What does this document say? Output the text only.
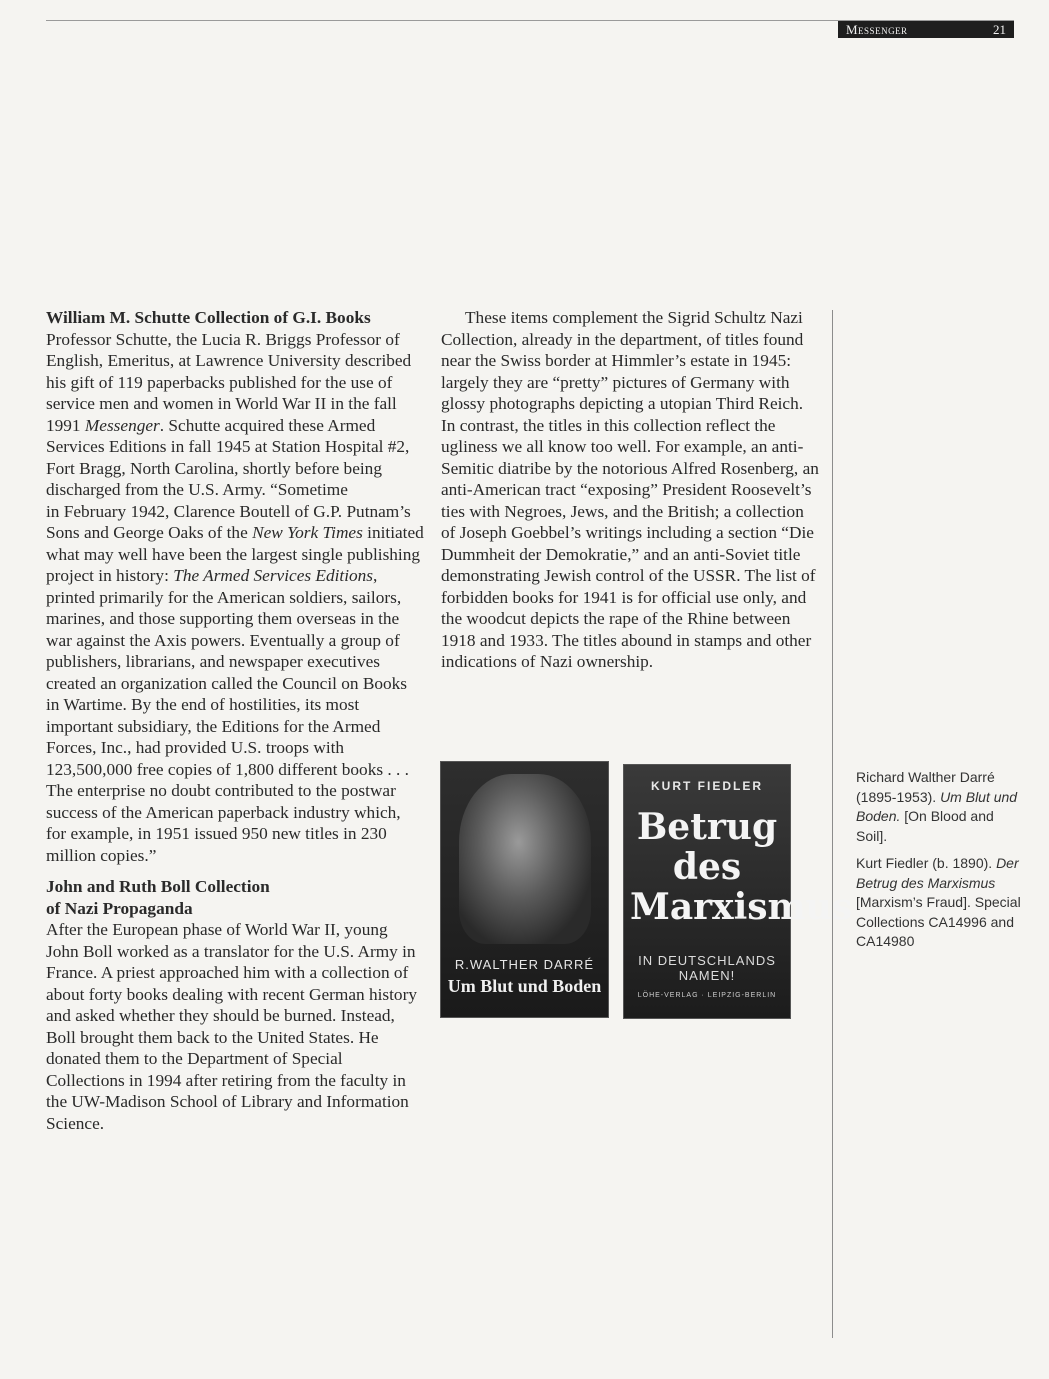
Messenger	21

William M. Schutte Collection of G.I. Books

Professor Schutte, the Lucia R. Briggs Professor of English, Emeritus, at Lawrence University described his gift of 119 paperbacks published for the use of service men and women in World War II in the fall 1991 Messenger. Schutte acquired these Armed Services Editions in fall 1945 at Station Hospital #2, Fort Bragg, North Carolina, shortly before being discharged from the U.S. Army. “Sometime

in February 1942, Clarence Boutell of G.P. Putnam’s Sons and George Oaks of the New York Times initiated what may well have been the largest single publishing project in history: The Armed Services Editions, printed primarily for the American soldiers, sailors, marines, and those supporting them overseas in the war against the Axis powers. Eventually a group of publishers, librarians, and newspaper executives created an organization called the Council on Books in Wartime. By the end of hostilities, its most important subsidiary, the Editions for the Armed Forces, Inc., had provided U.S. troops with 123,500,000 free copies of 1,800 different books . . . The enterprise no doubt contributed to the postwar success of the American paperback industry which, for example, in 1951 issued 950 new titles in 230 million copies.”

John and Ruth Boll Collection
of Nazi Propaganda

After the European phase of World War II, young John Boll worked as a translator for the U.S. Army in France. A priest approached him with a collection of about forty books dealing with recent German history and asked whether they should be burned. Instead, Boll brought them back to the United States. He donated them to the Department of Special Collections in 1994 after retiring from the faculty in the UW-Madison School of Library and Information Science.

These items complement the Sigrid Schultz Nazi Collection, already in the department, of titles found near the Swiss border at Himmler’s estate in 1945: largely they are “pretty” pictures of Germany with glossy photographs depicting a utopian Third Reich. In contrast, the titles in this collection reflect the ugliness we all know too well. For example, an anti-Semitic diatribe by the notorious Alfred Rosenberg, an anti-American tract “exposing” President Roosevelt’s ties with Negroes, Jews, and the British; a collection of Joseph Goebbel’s writings including a section “Die Dummheit der Demokratie,” and an anti-Soviet title demonstrating Jewish control of the USSR. The list of forbidden books for 1941 is for official use only, and the woodcut depicts the rape of the Rhine between 1918 and 1933. The titles abound in stamps and other indications of Nazi ownership.

R.WALTHER DARRÉ
Um Blut und Boden
KURT FIEDLER
Betrug des
Marxismus
IN DEUTSCHLANDS NAMEN!
LÖHE-VERLAG · LEIPZIG-BERLIN
Richard Walther Darré (1895-1953). Um Blut und Boden. [On Blood and Soil].
Kurt Fiedler (b. 1890). Der Betrug des Marxismus [Marxism’s Fraud]. Special Collections CA14996 and CA14980
